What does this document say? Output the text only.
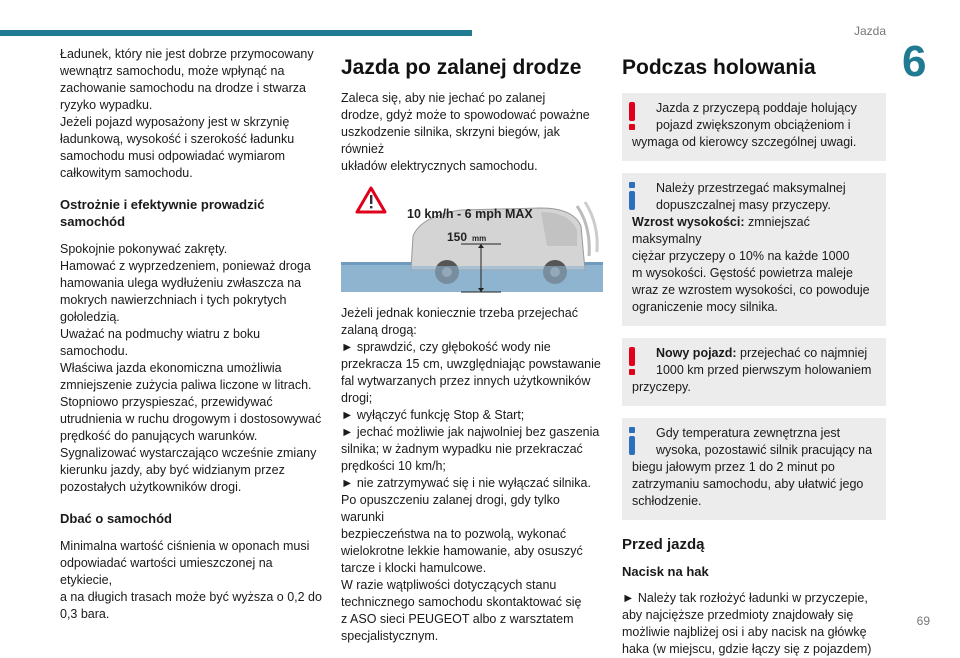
Jazda
6
69

Ładunek, który nie jest dobrze przymocowany

wewnątrz samochodu, może wpłynąć na

zachowanie samochodu na drodze i stwarza

ryzyko wypadku.

Jeżeli pojazd wyposażony jest w skrzynię

ładunkową, wysokość i szerokość ładunku

samochodu musi odpowiadać wymiarom

całkowitym samochodu.

Ostrożnie i efektywnie prowadzić samochód

Spokojnie pokonywać zakręty.

Hamować z wyprzedzeniem, ponieważ droga

hamowania ulega wydłużeniu zwłaszcza na

mokrych nawierzchniach i tych pokrytych

gołoledzią.

Uważać na podmuchy wiatru z boku samochodu.

Właściwa jazda ekonomiczna umożliwia

zmniejszenie zużycia paliwa liczone w litrach.

Stopniowo przyspieszać, przewidywać

utrudnienia w ruchu drogowym i dostosowywać

prędkość do panujących warunków.

Sygnalizować wystarczająco wcześnie zmiany

kierunku jazdy, aby być widzianym przez

pozostałych użytkowników drogi.

Dbać o samochód

Minimalna wartość ciśnienia w oponach musi

odpowiadać wartości umieszczonej na etykiecie,

a na długich trasach może być wyższa o 0,2 do

0,3 bara.

Jazda po zalanej drodze

Zaleca się, aby nie jechać po zalanej

drodze, gdyż może to spowodować poważne

uszkodzenie silnika, skrzyni biegów, jak również

układów elektrycznych samochodu.

10 km/h - 6 mph MAX
150 mm

Jeżeli jednak koniecznie trzeba przejechać

zalaną drogą:

► sprawdzić, czy głębokość wody nie

przekracza 15 cm, uwzględniając powstawanie

fal wytwarzanych przez innych użytkowników

drogi;

► wyłączyć funkcję Stop & Start;

► jechać możliwie jak najwolniej bez gaszenia

silnika; w żadnym wypadku nie przekraczać

prędkości 10 km/h;

► nie zatrzymywać się i nie wyłączać silnika.

Po opuszczeniu zalanej drogi, gdy tylko warunki

bezpieczeństwa na to pozwolą, wykonać

wielokrotne lekkie hamowanie, aby osuszyć

tarcze i klocki hamulcowe.

W razie wątpliwości dotyczących stanu

technicznego samochodu skontaktować się

z ASO sieci PEUGEOT albo z warsztatem

specjalistycznym.

Podczas holowania
Jazda z przyczepą poddaje holujący
pojazd zwiększonym obciążeniom i

wymaga od kierowcy szczególnej uwagi.

Należy przestrzegać maksymalnej
dopuszczalnej masy przyczepy.

Wzrost wysokości: zmniejszać maksymalny

ciężar przyczepy o 10% na każde 1000

m wysokości. Gęstość powietrza maleje

wraz ze wzrostem wysokości, co powoduje

ograniczenie mocy silnika.

Nowy pojazd: przejechać co najmniej
1000 km przed pierwszym holowaniem

przyczepy.

Gdy temperatura zewnętrzna jest
wysoka, pozostawić silnik pracujący na

biegu jałowym przez 1 do 2 minut po

zatrzymaniu samochodu, aby ułatwić jego

schłodzenie.

Przed jazdą
Nacisk na hak

► Należy tak rozłożyć ładunki w przyczepie,

aby najcięższe przedmioty znajdowały się

możliwie najbliżej osi i aby nacisk na główkę

haka (w miejscu, gdzie łączy się z pojazdem)
